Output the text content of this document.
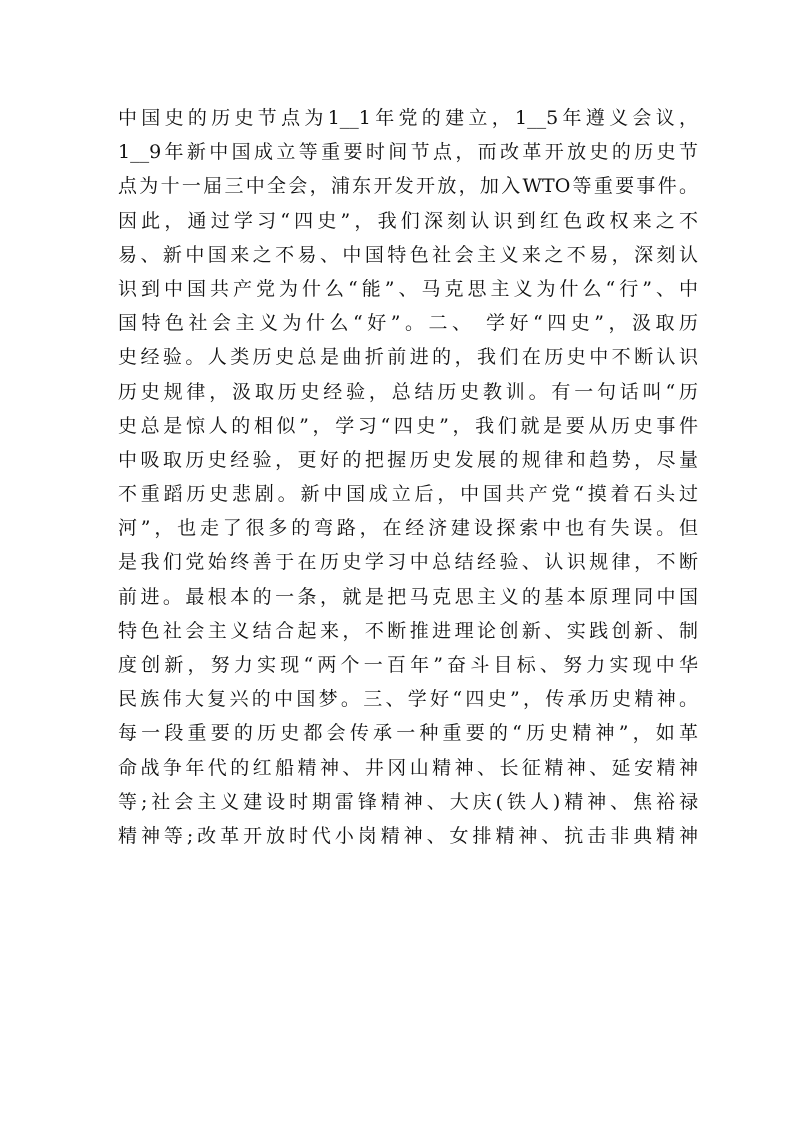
中国史的历史节点为1__1年党的建立，1__5年遵义会议，
1__9年新中国成立等重要时间节点，而改革开放史的历史节
点为十一届三中全会，浦东开发开放，加入WTO等重要事件。
因此，通过学习“四史”，我们深刻认识到红色政权来之不
易、新中国来之不易、中国特色社会主义来之不易，深刻认
识到中国共产党为什么“能”、马克思主义为什么“行”、中
国特色社会主义为什么“好”。二、 学好“四史”，汲取历
史经验。人类历史总是曲折前进的，我们在历史中不断认识
历史规律，汲取历史经验，总结历史教训。有一句话叫“历
史总是惊人的相似”，学习“四史”，我们就是要从历史事件
中吸取历史经验，更好的把握历史发展的规律和趋势，尽量
不重蹈历史悲剧。新中国成立后，中国共产党“摸着石头过
河”，也走了很多的弯路，在经济建设探索中也有失误。但
是我们党始终善于在历史学习中总结经验、认识规律，不断
前进。最根本的一条，就是把马克思主义的基本原理同中国
特色社会主义结合起来，不断推进理论创新、实践创新、制
度创新，努力实现“两个一百年”奋斗目标、努力实现中华
民族伟大复兴的中国梦。三、学好“四史”，传承历史精神。
每一段重要的历史都会传承一种重要的“历史精神”，如革
命战争年代的红船精神、井冈山精神、长征精神、延安精神
等;社会主义建设时期雷锋精神、大庆(铁人)精神、焦裕禄
精神等;改革开放时代小岗精神、女排精神、抗击非典精神
